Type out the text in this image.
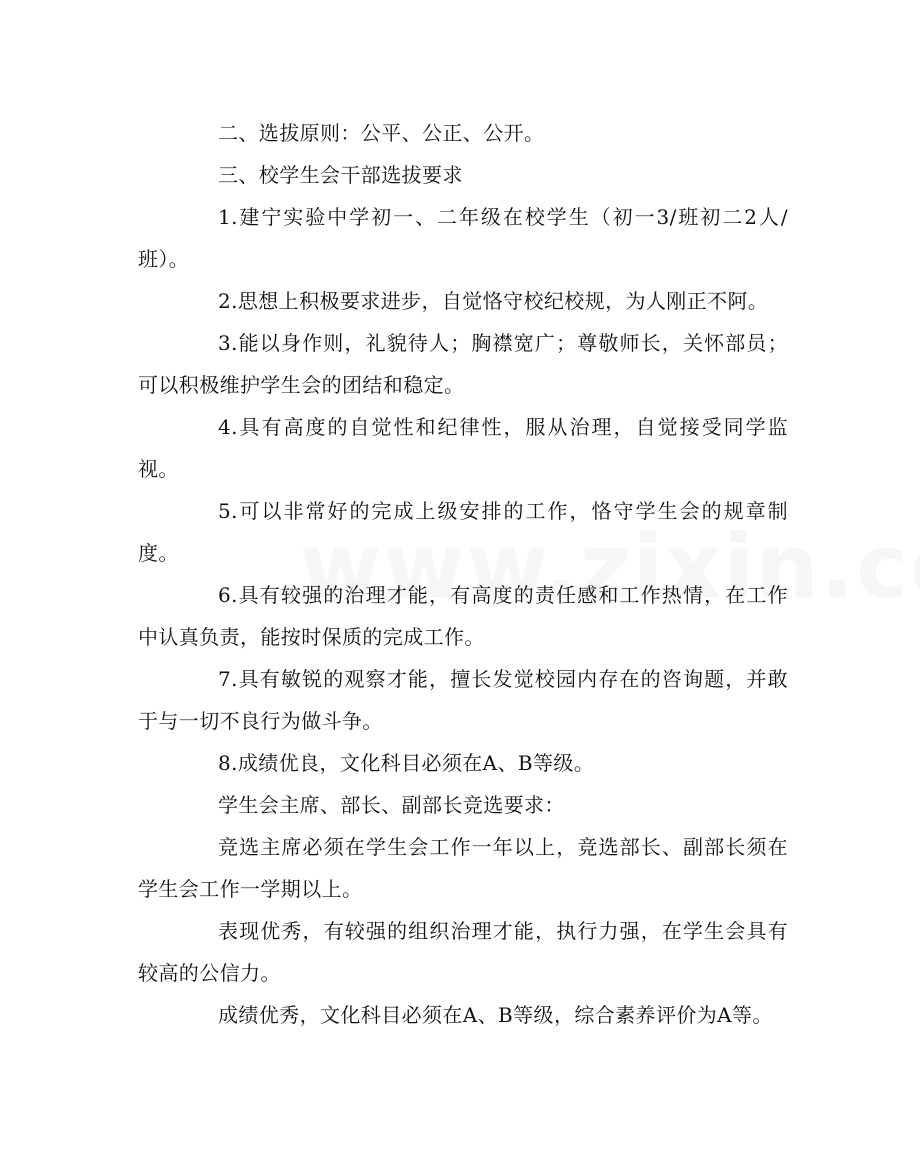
二、选拔原则：公平、公正、公开。

三、校学生会干部选拔要求

1.建宁实验中学初一、二年级在校学生（初一3/班初二2人/班）。

2.思想上积极要求进步，自觉恪守校纪校规，为人刚正不阿。

3.能以身作则，礼貌待人；胸襟宽广；尊敬师长，关怀部员；可以积极维护学生会的团结和稳定。

4.具有高度的自觉性和纪律性，服从治理，自觉接受同学监视。

5.可以非常好的完成上级安排的工作，恪守学生会的规章制度。

6.具有较强的治理才能，有高度的责任感和工作热情，在工作中认真负责，能按时保质的完成工作。

7.具有敏锐的观察才能，擅长发觉校园内存在的咨询题，并敢于与一切不良行为做斗争。

8.成绩优良，文化科目必须在A、B等级。

学生会主席、部长、副部长竞选要求：

竞选主席必须在学生会工作一年以上，竞选部长、副部长须在学生会工作一学期以上。

表现优秀，有较强的组织治理才能，执行力强，在学生会具有较高的公信力。

成绩优秀，文化科目必须在A、B等级，综合素养评价为A等。
